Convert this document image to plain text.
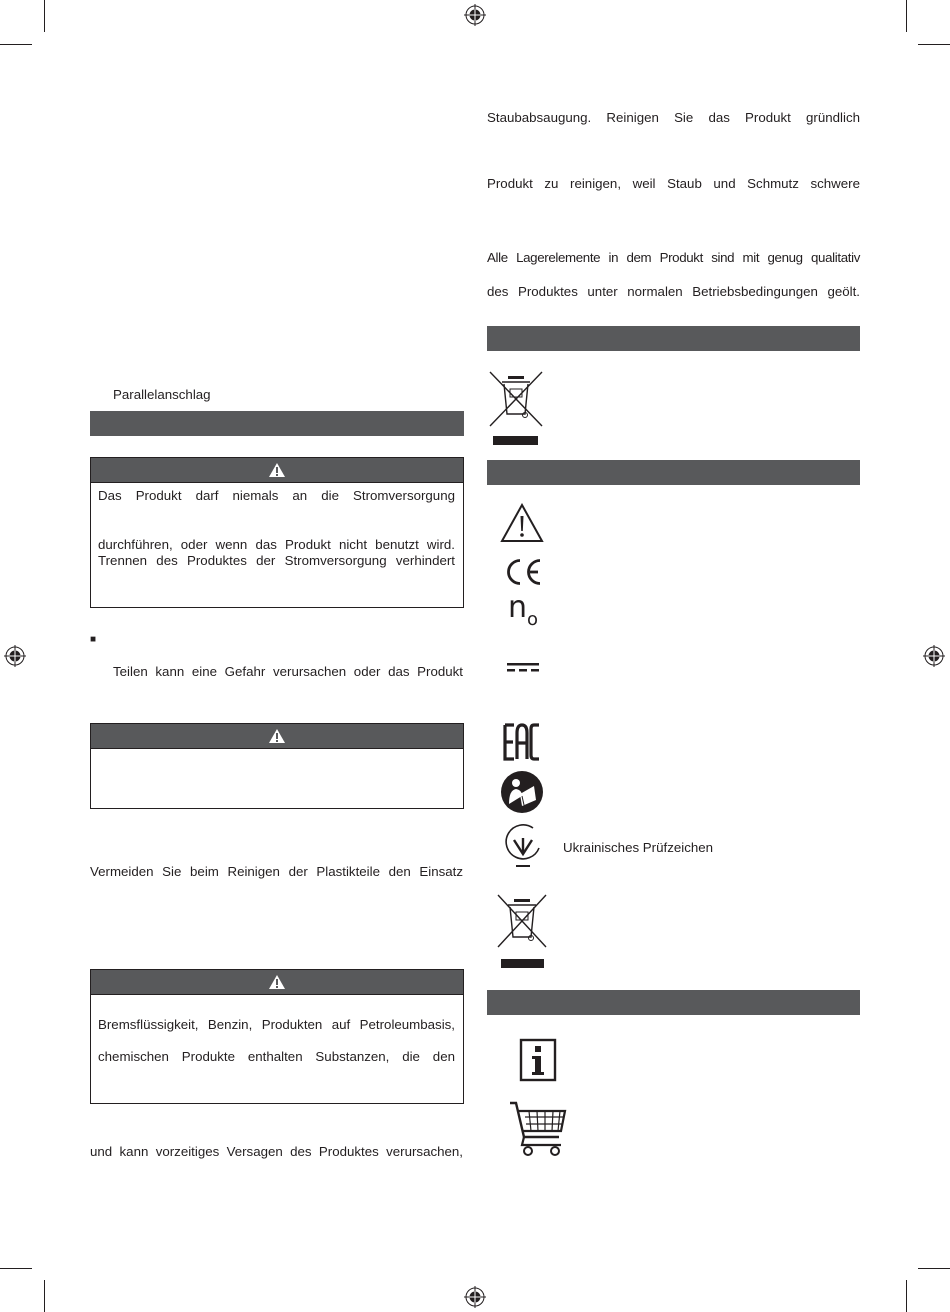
Parallelanschlag
Das Produkt darf niemals an die Stromversorgung
durchführen, oder wenn das Produkt nicht benutzt wird.
Trennen des Produktes der Stromversorgung verhindert
■
Teilen kann eine Gefahr verursachen oder das Produkt
Vermeiden Sie beim Reinigen der Plastikteile den Einsatz
Bremsflüssigkeit, Benzin, Produkten auf Petroleumbasis,
chemischen Produkte enthalten Substanzen, die den
und kann vorzeitiges Versagen des Produktes verursachen,
Staubabsaugung. Reinigen Sie das Produkt gründlich
Produkt zu reinigen, weil Staub und Schmutz schwere
Alle Lagerelemente in dem Produkt sind mit genug qualitativ
des Produktes unter normalen Betriebsbedingungen geölt.
$n_o$
Ukrainisches Prüfzeichen
